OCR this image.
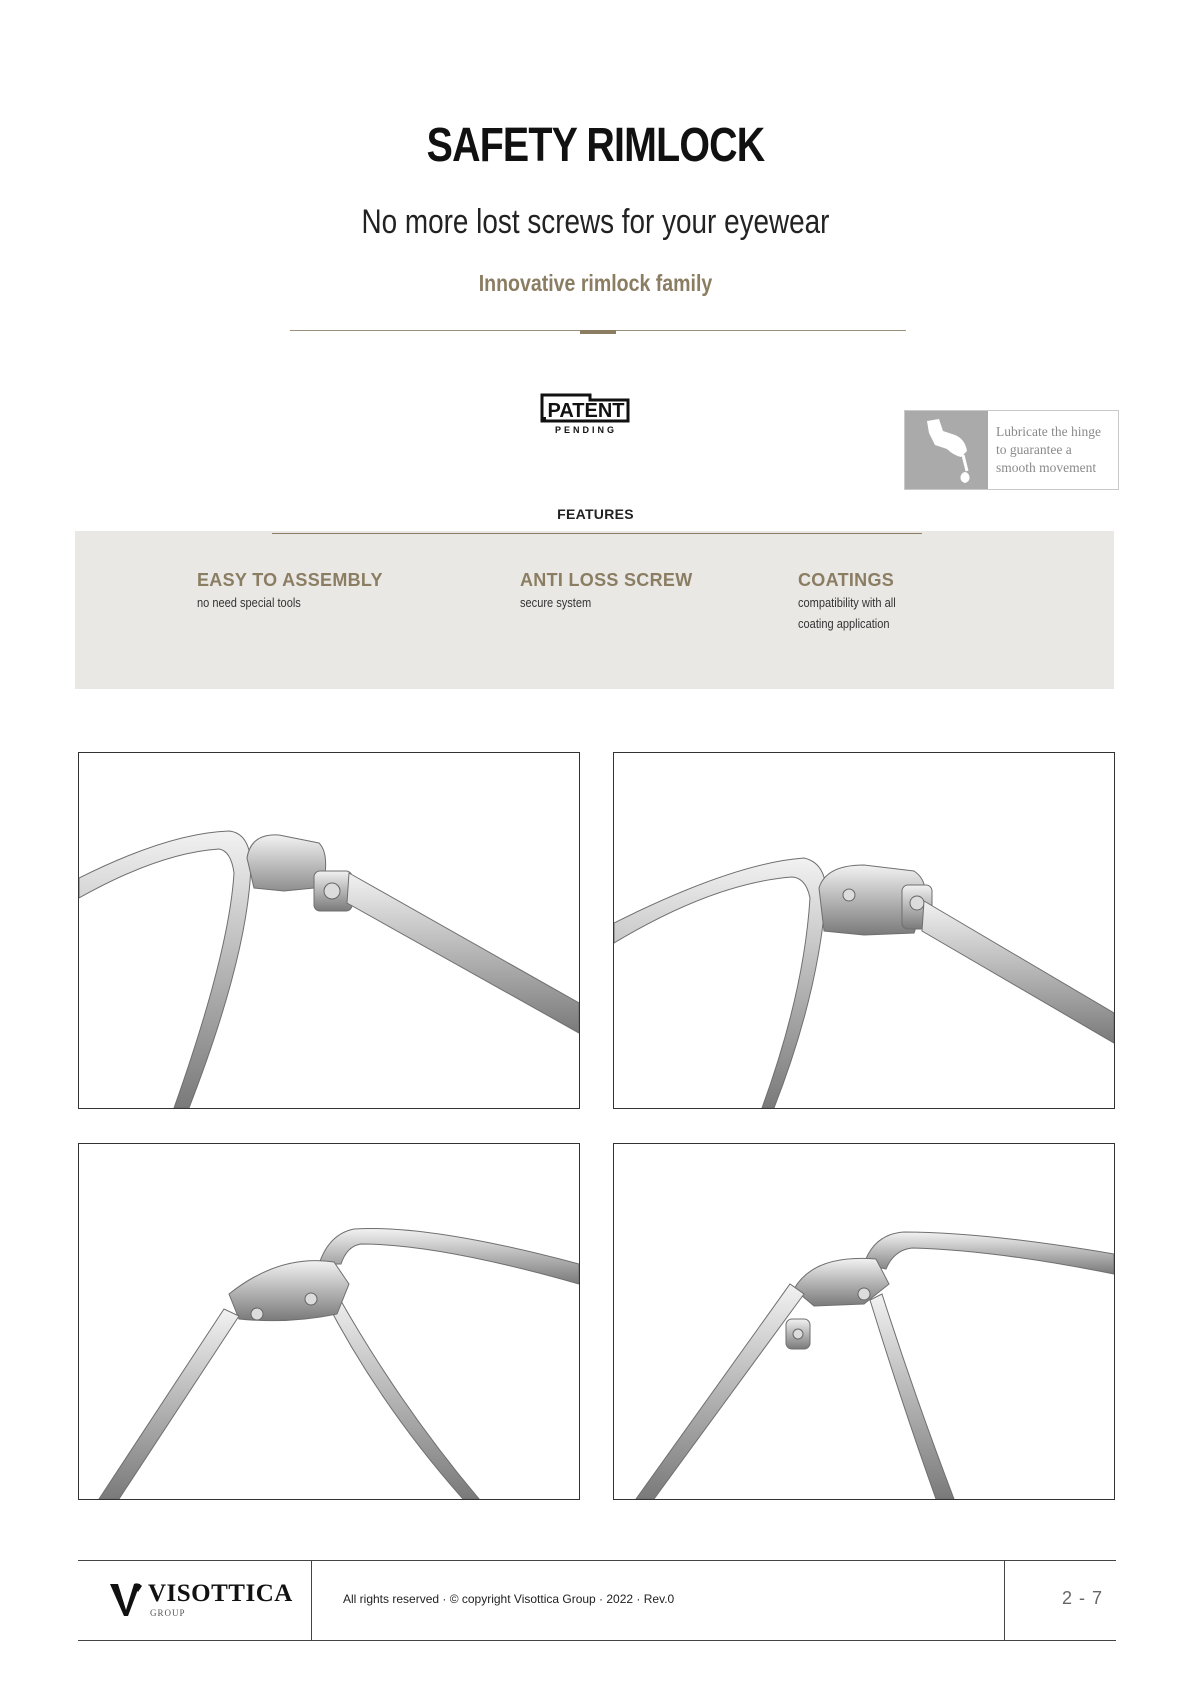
SAFETY RIMLOCK
No more lost screws for your eyewear
Innovative rimlock family
PATENT
PENDING	Lubricate the hinge
to guarantee a
smooth movement
FEATURES
EASY TO ASSEMBLY
no need special tools
ANTI LOSS SCREW
secure system
COATINGS
compatibility with all
coating application
VISOTTICA
GROUP
All rights reserved · © copyright Visottica Group · 2022 · Rev.0	2 - 7
